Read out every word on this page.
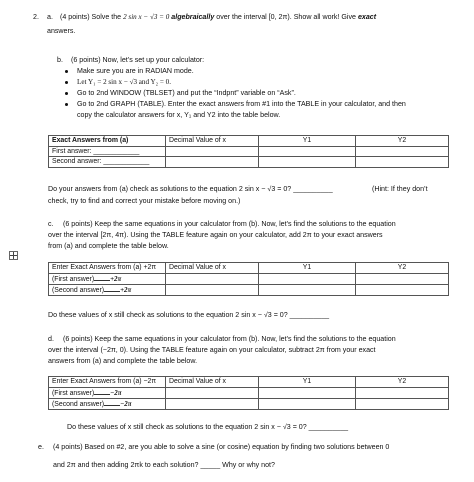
2. a. (4 points) Solve the 2 sin x − √3 = 0 algebraically over the interval [0, 2π). Show all work! Give exact
answers.
b. (6 points) Now, let’s set up your calculator:
Make sure you are in RADIAN mode.
Let Y₁ = 2 sin x − √3 and Y₂ = 0.
Go to 2nd WINDOW (TBLSET) and put the “Indpnt” variable on “Ask”.
Go to 2nd GRAPH (TABLE). Enter the exact answers from #1 into the TABLE in your calculator, and then
copy the calculator answers for x, Y₁ and Y2 into the table below.
Exact Answers from (a)	Decimal Value of x	Y1	Y2
First answer: ____________			
Second answer: ____________			
Do your answers from (a) check as solutions to the equation 2 sin x − √3 = 0? __________	(Hint: If they don’t
check, try to find and correct your mistake before moving on.)
c. (6 points) Keep the same equations in your calculator from (b). Now, let’s find the solutions to the equation
over the interval [2π, 4π). Using the TABLE feature again on your calculator, add 2π to your exact answers
from (a) and complete the table below.
Enter Exact Answers from (a) +2π	Decimal Value of x	Y1	Y2
(First answer) +2π			
(Second answer) +2π			
Do these values of x still check as solutions to the equation 2 sin x − √3 = 0? __________
d. (6 points) Keep the same equations in your calculator from (b). Now, let’s find the solutions to the equation
over the interval (−2π, 0). Using the TABLE feature again on your calculator, subtract 2π from your exact
answers from (a) and complete the table below.
Enter Exact Answers from (a) −2π	Decimal Value of x	Y1	Y2
(First answer) −2π			
(Second answer) −2π			
Do these values of x still check as solutions to the equation 2 sin x − √3 = 0? __________
e. (4 points) Based on #2, are you able to solve a sine (or cosine) equation by finding two solutions between 0
and 2π and then adding 2πk to each solution? _____ Why or why not?
